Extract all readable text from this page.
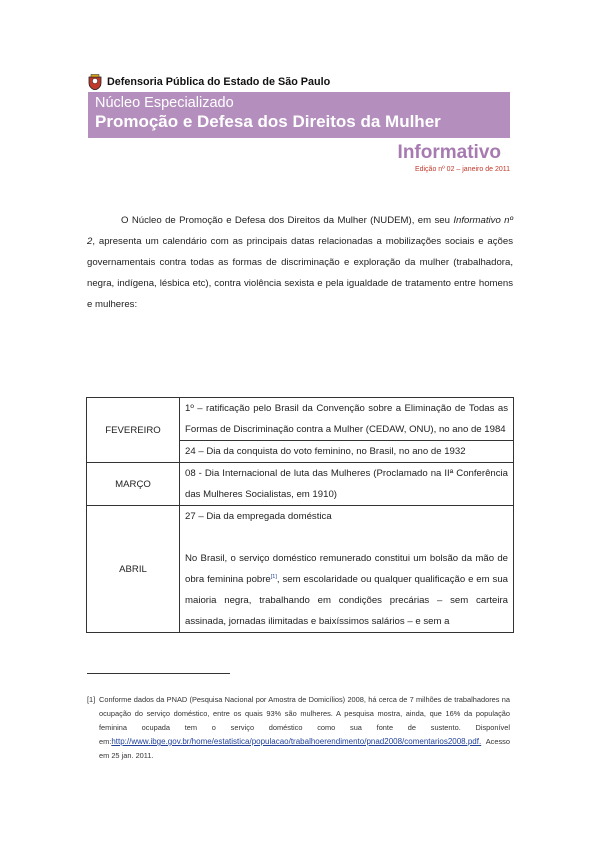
Defensoria Pública do Estado de São Paulo
Núcleo Especializado
Promoção e Defesa dos Direitos da Mulher
Informativo
Edição nº 02 – janeiro de 2011

O Núcleo de Promoção e Defesa dos Direitos da Mulher (NUDEM), em seu Informativo nº 2, apresenta um calendário com as principais datas relacionadas a mobilizações sociais e ações governamentais contra todas as formas de discriminação e exploração da mulher (trabalhadora, negra, indígena, lésbica etc), contra violência sexista e pela igualdade de tratamento entre homens e mulheres:

FEVEREIRO	1º – ratificação pelo Brasil da Convenção sobre a Eliminação de Todas as Formas de Discriminação contra a Mulher (CEDAW, ONU), no ano de 1984

	24 – Dia da conquista do voto feminino, no Brasil, no ano de 1932

MARÇO	08 - Dia Internacional de luta das Mulheres (Proclamado na IIª Conferência das Mulheres Socialistas, em 1910)

ABRIL	27 – Dia da empregada doméstica

No Brasil, o serviço doméstico remunerado constitui um bolsão da mão de obra feminina pobre[1], sem escolaridade ou qualquer qualificação e em sua maioria negra, trabalhando em condições precárias – sem carteira assinada, jornadas ilimitadas e baixíssimos salários – e sem a

[1] Conforme dados da PNAD (Pesquisa Nacional por Amostra de Domicílios) 2008, há cerca de 7 milhões de trabalhadores na ocupação do serviço doméstico, entre os quais 93% são mulheres. A pesquisa mostra, ainda, que 16% da população feminina ocupada tem o serviço doméstico como sua fonte de sustento. Disponível em:http://www.ibge.gov.br/home/estatistica/populacao/trabalhoerendimento/pnad2008/comentarios2008.pdf. Acesso em 25 jan. 2011.
